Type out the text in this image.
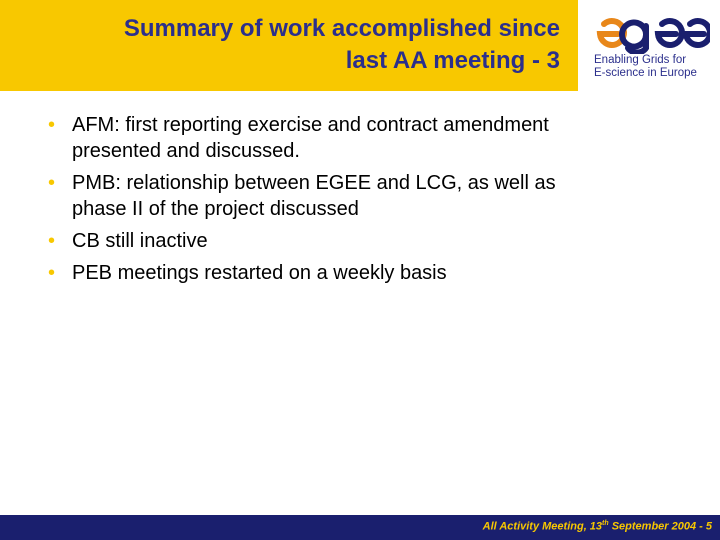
Summary of work accomplished since
last AA meeting - 3	Enabling Grids for
E-science in Europe
• AFM: first reporting exercise and contract amendment
presented and discussed.
• PMB: relationship between EGEE and LCG, as well as
phase II of the project discussed
• CB still inactive
• PEB meetings restarted on a weekly basis
All Activity Meeting, 13th September 2004 - 5
